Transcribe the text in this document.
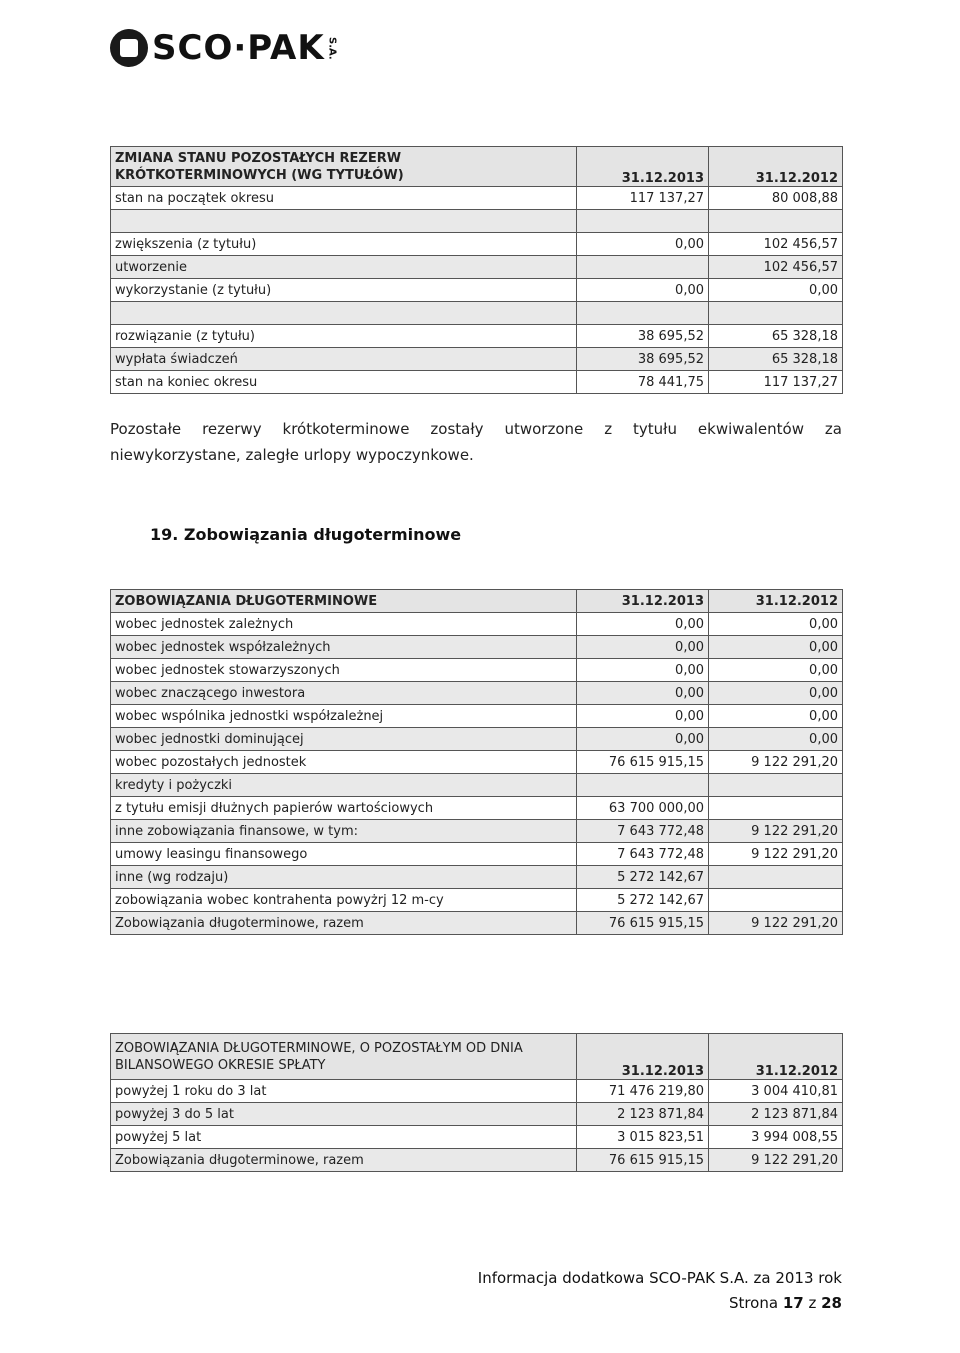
SCO·PAK S.A.
ZMIANA STANU POZOSTAŁYCH REZERW KRÓTKOTERMINOWYCH (WG TYTUŁÓW)	31.12.2013	31.12.2012
stan na początek okresu	117 137,27	80 008,88

zwiększenia (z tytułu)	0,00	102 456,57
utworzenie		102 456,57
wykorzystanie (z tytułu)	0,00	0,00

rozwiązanie (z tytułu)	38 695,52	65 328,18
wypłata świadczeń	38 695,52	65 328,18
stan na koniec okresu	78 441,75	117 137,27
Pozostałe rezerwy krótkoterminowe zostały utworzone z tytułu ekwiwalentów za niewykorzystane, zaległe urlopy wypoczynkowe.
19. Zobowiązania długoterminowe
ZOBOWIĄZANIA DŁUGOTERMINOWE	31.12.2013	31.12.2012
wobec jednostek zależnych	0,00	0,00
wobec jednostek współzależnych	0,00	0,00
wobec jednostek stowarzyszonych	0,00	0,00
wobec znaczącego inwestora	0,00	0,00
wobec wspólnika jednostki współzależnej	0,00	0,00
wobec jednostki dominującej	0,00	0,00
wobec pozostałych jednostek	76 615 915,15	9 122 291,20
kredyty i pożyczki		
z tytułu emisji dłużnych papierów wartościowych	63 700 000,00	
inne zobowiązania finansowe, w tym:	7 643 772,48	9 122 291,20
umowy leasingu finansowego	7 643 772,48	9 122 291,20
inne (wg rodzaju)	5 272 142,67	
zobowiązania wobec kontrahenta powyżrj 12 m-cy	5 272 142,67	
Zobowiązania długoterminowe, razem	76 615 915,15	9 122 291,20
ZOBOWIĄZANIA DŁUGOTERMINOWE, O POZOSTAŁYM OD DNIA BILANSOWEGO OKRESIE SPŁATY	31.12.2013	31.12.2012
powyżej 1 roku do 3 lat	71 476 219,80	3 004 410,81
powyżej 3 do 5 lat	2 123 871,84	2 123 871,84
powyżej 5 lat	3 015 823,51	3 994 008,55
Zobowiązania długoterminowe, razem	76 615 915,15	9 122 291,20
Informacja dodatkowa SCO-PAK S.A. za 2013 rok
Strona 17 z 28
